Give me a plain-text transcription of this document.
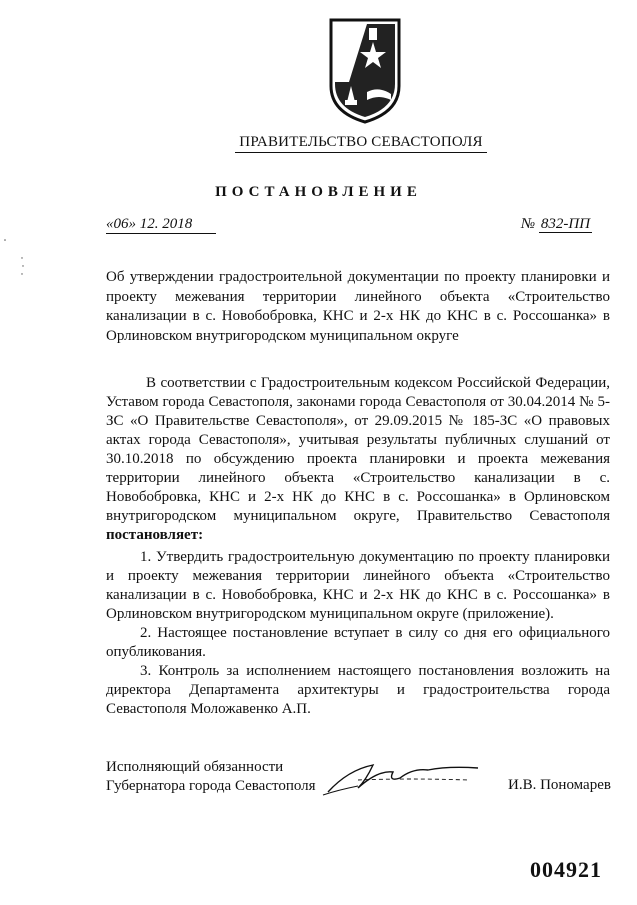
ПРАВИТЕЛЬСТВО СЕВАСТОПОЛЯ
ПОСТАНОВЛЕНИЕ
«06» 12. 2018	№ 832-ПП
Об утверждении градостроительной документации по проекту планировки и проекту межевания территории линейного объекта «Строительство канализации в с. Новобобровка, КНС и 2-х НК до КНС в с. Россошанка» в Орлиновском внутригородском муниципальном округе
В соответствии с Градостроительным кодексом Российской Федерации, Уставом города Севастополя, законами города Севастополя от 30.04.2014 № 5-ЗС «О Правительстве Севастополя», от 29.09.2015 № 185-ЗС «О правовых актах города Севастополя», учитывая результаты публичных слушаний от 30.10.2018 по обсуждению проекта планировки и проекта межевания территории линейного объекта «Строительство канализации в с. Новобобровка, КНС и 2-х НК до КНС в с. Россошанка» в Орлиновском внутригородском муниципальном округе, Правительство Севастополя постановляет:

1. Утвердить градостроительную документацию по проекту планировки и проекту межевания территории линейного объекта «Строительство канализации в с. Новобобровка, КНС и 2-х НК до КНС в с. Россошанка» в Орлиновском внутригородском муниципальном округе (приложение).

2. Настоящее постановление вступает в силу со дня его официального опубликования.

3. Контроль за исполнением настоящего постановления возложить на директора Департамента архитектуры и градостроительства города Севастополя Моложавенко А.П.

Исполняющий обязанности
Губернатора города Севастополя	И.В. Пономарев
004921
